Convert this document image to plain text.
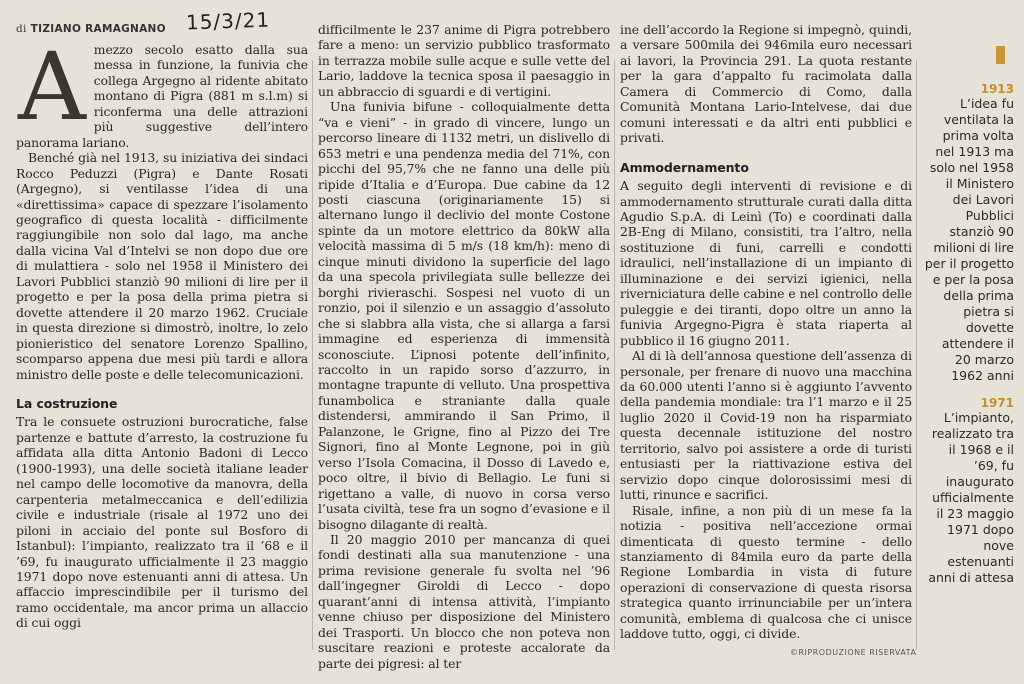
di TIZIANO RAMAGNANO 15/3/21
A mezzo secolo esatto dalla sua messa in funzione, la funivia che collega Argegno al ridente abitato montano di Pigra (881 m s.l.m) si riconferma una delle attrazioni più suggestive dell’intero panorama lariano.

Benché già nel 1913, su iniziativa dei sindaci Rocco Peduzzi (Pigra) e Dante Rosati (Argegno), si ventilasse l’idea di una «direttissima» capace di spezzare l’isolamento geografico di questa località - difficilmente raggiungibile non solo dal lago, ma anche dalla vicina Val d’Intelvi se non dopo due ore di mulattiera - solo nel 1958 il Ministero dei Lavori Pubblici stanziò 90 milioni di lire per il progetto e per la posa della prima pietra si dovette attendere il 20 marzo 1962. Cruciale in questa direzione si dimostrò, inoltre, lo zelo pionieristico del senatore Lorenzo Spallino, scomparso appena due mesi più tardi e allora ministro delle poste e delle telecomunicazioni.

La costruzione

Tra le consuete ostruzioni burocratiche, false partenze e battute d’arresto, la costruzione fu affidata alla ditta Antonio Badoni di Lecco (1900-1993), una delle società italiane leader nel campo delle locomotive da manovra, della carpenteria metalmeccanica e dell’edilizia civile e industriale (risale al 1972 uno dei piloni in acciaio del ponte sul Bosforo di Istanbul): l’impianto, realizzato tra il ’68 e il ’69, fu inaugurato ufficialmente il 23 maggio 1971 dopo nove estenuanti anni di attesa. Un affaccio imprescindibile per il turismo del ramo occidentale, ma ancor prima un allaccio di cui oggi

difficilmente le 237 anime di Pigra potrebbero fare a meno: un servizio pubblico trasformato in terrazza mobile sulle acque e sulle vette del Lario, laddove la tecnica sposa il paesaggio in un abbraccio di sguardi e di vertigini.

Una funivia bifune - colloquialmente detta “va e vieni” - in grado di vincere, lungo un percorso lineare di 1132 metri, un dislivello di 653 metri e una pendenza media del 71%, con picchi del 95,7% che ne fanno una delle più ripide d’Italia e d’Europa. Due cabine da 12 posti ciascuna (originariamente 15) si alternano lungo il declivio del monte Costone spinte da un motore elettrico da 80kW alla velocità massima di 5 m/s (18 km/h): meno di cinque minuti dividono la superficie del lago da una specola privilegiata sulle bellezze dei borghi rivieraschi. Sospesi nel vuoto di un ronzio, poi il silenzio e un assaggio d’assoluto che si slabbra alla vista, che si allarga a farsi immagine ed esperienza di immensità sconosciute. L’ipnosi potente dell’infinito, raccolto in un rapido sorso d’azzurro, in montagne trapunte di velluto. Una prospettiva funambolica e straniante dalla quale distendersi, ammirando il San Primo, il Palanzone, le Grigne, fino al Pizzo dei Tre Signori, fino al Monte Legnone, poi in giù verso l’Isola Comacina, il Dosso di Lavedo e, poco oltre, il bivio di Bellagio. Le funi si rigettano a valle, di nuovo in corsa verso l’usata civiltà, tese fra un sogno d’evasione e il bisogno dilagante di realtà.

Il 20 maggio 2010 per mancanza di quei fondi destinati alla sua manutenzione - una prima revisione generale fu svolta nel ’96 dall’ingegner Giroldi di Lecco - dopo quarant’anni di intensa attività, l’impianto venne chiuso per disposizione del Ministero dei Trasporti. Un blocco che non poteva non suscitare reazioni e proteste accalorate da parte dei pigresi: al ter

ine dell’accordo la Regione si impegnò, quindi, a versare 500mila dei 946mila euro necessari ai lavori, la Provincia 291. La quota restante per la gara d’appalto fu racimolata dalla Camera di Commercio di Como, dalla Comunità Montana Lario-Intelvese, dai due comuni interessati e da altri enti pubblici e privati.

Ammodernamento

A seguito degli interventi di revisione e di ammodernamento strutturale curati dalla ditta Agudio S.p.A. di Leinì (To) e coordinati dalla 2B-Eng di Milano, consistiti, tra l’altro, nella sostituzione di funi, carrelli e condotti idraulici, nell’installazione di un impianto di illuminazione e dei servizi igienici, nella riverniciatura delle cabine e nel controllo delle puleggie e dei tiranti, dopo oltre un anno la funivia Argegno-Pigra è stata riaperta al pubblico il 16 giugno 2011.

Al di là dell’annosa questione dell’assenza di personale, per frenare di nuovo una macchina da 60.000 utenti l’anno si è aggiunto l’avvento della pandemia mondiale: tra l’1 marzo e il 25 luglio 2020 il Covid-19 non ha risparmiato questa decennale istituzione del nostro territorio, salvo poi assistere a orde di turisti entusiasti per la riattivazione estiva del servizio dopo cinque dolorosissimi mesi di lutti, rinunce e sacrifici.

Risale, infine, a non più di un mese fa la notizia - positiva nell’accezione ormai dimenticata di questo termine - dello stanziamento di 84mila euro da parte della Regione Lombardia in vista di future operazioni di conservazione di questa risorsa strategica quanto irrinunciabile per un’intera comunità, emblema di qualcosa che ci unisce laddove tutto, oggi, ci divide.

1913
L’idea fu ventilata la prima volta nel 1913 ma solo nel 1958 il Ministero dei Lavori Pubblici stanziò 90 milioni di lire per il progetto e per la posa della prima pietra si dovette attendere il 20 marzo 1962 anni
1971
L’impianto, realizzato tra il 1968 e il ’69, fu inaugurato ufficialmente il 23 maggio 1971 dopo nove estenuanti anni di attesa
©RIPRODUZIONE RISERVATA
